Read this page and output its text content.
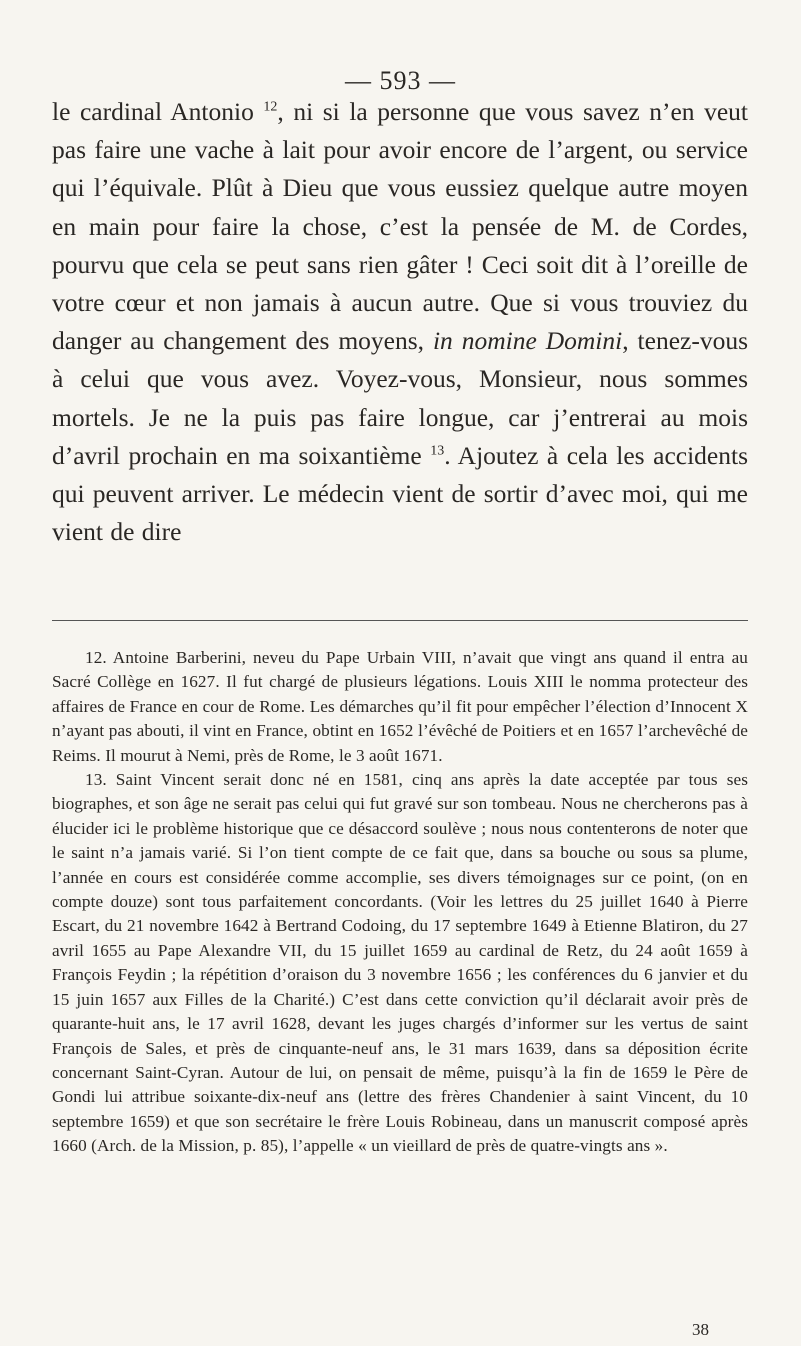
— 593 —

le cardinal Antonio $^{12}$, ni si la personne que vous savez n’en veut pas faire une vache à lait pour avoir encore de l’argent, ou service qui l’équivale. Plût à Dieu que vous eussiez quelque autre moyen en main pour faire la chose, c’est la pensée de M. de Cordes, pourvu que cela se peut sans rien gâter ! Ceci soit dit à l’oreille de votre cœur et non jamais à aucun autre. Que si vous trouviez du danger au changement des moyens, in nomine Domini, tenez-vous à celui que vous avez. Voyez-vous, Monsieur, nous sommes mortels. Je ne la puis pas faire longue, car j’entrerai au mois d’avril prochain en ma soixantième $^{13}$. Ajoutez à cela les accidents qui peuvent arriver. Le médecin vient de sortir d’avec moi, qui me vient de dire

12. Antoine Barberini, neveu du Pape Urbain VIII, n’avait que vingt ans quand il entra au Sacré Collège en 1627. Il fut chargé de plusieurs légations. Louis XIII le nomma protecteur des affaires de France en cour de Rome. Les démarches qu’il fit pour empêcher l’élection d’Innocent X n’ayant pas abouti, il vint en France, obtint en 1652 l’évêché de Poitiers et en 1657 l’archevêché de Reims. Il mourut à Nemi, près de Rome, le 3 août 1671.

13. Saint Vincent serait donc né en 1581, cinq ans après la date acceptée par tous ses biographes, et son âge ne serait pas celui qui fut gravé sur son tombeau. Nous ne chercherons pas à élucider ici le problème historique que ce désaccord soulève ; nous nous contenterons de noter que le saint n’a jamais varié. Si l’on tient compte de ce fait que, dans sa bouche ou sous sa plume, l’année en cours est considérée comme accomplie, ses divers témoignages sur ce point, (on en compte douze) sont tous parfaitement concordants. (Voir les lettres du 25 juillet 1640 à Pierre Escart, du 21 novembre 1642 à Bertrand Codoing, du 17 septembre 1649 à Etienne Blatiron, du 27 avril 1655 au Pape Alexandre VII, du 15 juillet 1659 au cardinal de Retz, du 24 août 1659 à François Feydin ; la répétition d’oraison du 3 novembre 1656 ; les conférences du 6 janvier et du 15 juin 1657 aux Filles de la Charité.) C’est dans cette conviction qu’il déclarait avoir près de quarante-huit ans, le 17 avril 1628, devant les juges chargés d’informer sur les vertus de saint François de Sales, et près de cinquante-neuf ans, le 31 mars 1639, dans sa déposition écrite concernant Saint-Cyran. Autour de lui, on pensait de même, puisqu’à la fin de 1659 le Père de Gondi lui attribue soixante-dix-neuf ans (lettre des frères Chandenier à saint Vincent, du 10 septembre 1659) et que son secrétaire le frère Louis Robineau, dans un manuscrit composé après 1660 (Arch. de la Mission, p. 85), l’appelle « un vieillard de près de quatre-vingts ans ».

38
